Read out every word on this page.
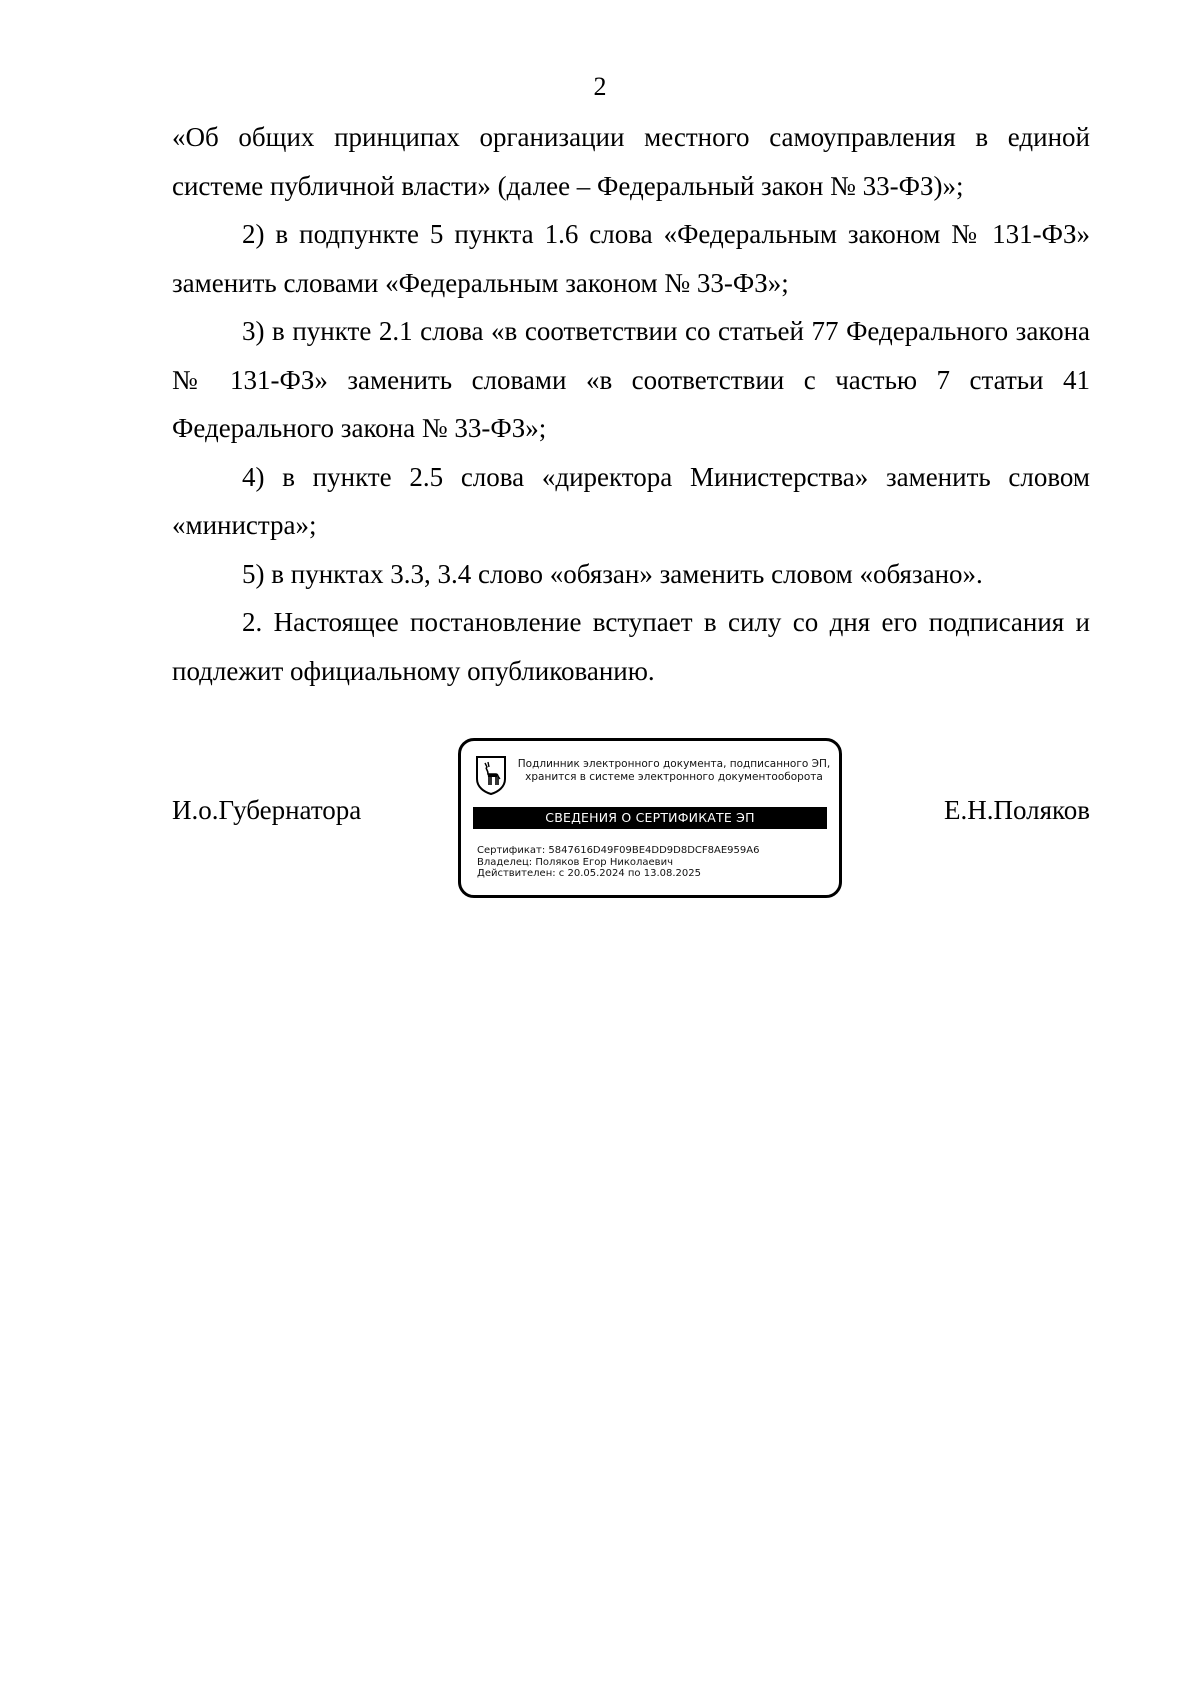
2

«Об общих принципах организации местного самоуправления в единой системе публичной власти» (далее – Федеральный закон № 33-ФЗ)»;

2) в подпункте 5 пункта 1.6 слова «Федеральным законом № 131-ФЗ» заменить словами «Федеральным законом № 33-ФЗ»;

3) в пункте 2.1 слова «в соответствии со статьей 77 Федерального закона № 131-ФЗ» заменить словами «в соответствии с частью 7 статьи 41 Федерального закона № 33-ФЗ»;

4) в пункте 2.5 слова «директора Министерства» заменить словом «министра»;

5) в пунктах 3.3, 3.4 слово «обязан» заменить словом «обязано».

2. Настоящее постановление вступает в силу со дня его подписания и подлежит официальному опубликованию.

И.о.Губернатора	Е.Н.Поляков
Подлинник электронного документа, подписанного ЭП,
хранится в системе электронного документооборота
СВЕДЕНИЯ О СЕРТИФИКАТЕ ЭП
Сертификат: 5847616D49F09BE4DD9D8DCF8AE959A6
Владелец: Поляков Егор Николаевич
Действителен: с 20.05.2024 по 13.08.2025
